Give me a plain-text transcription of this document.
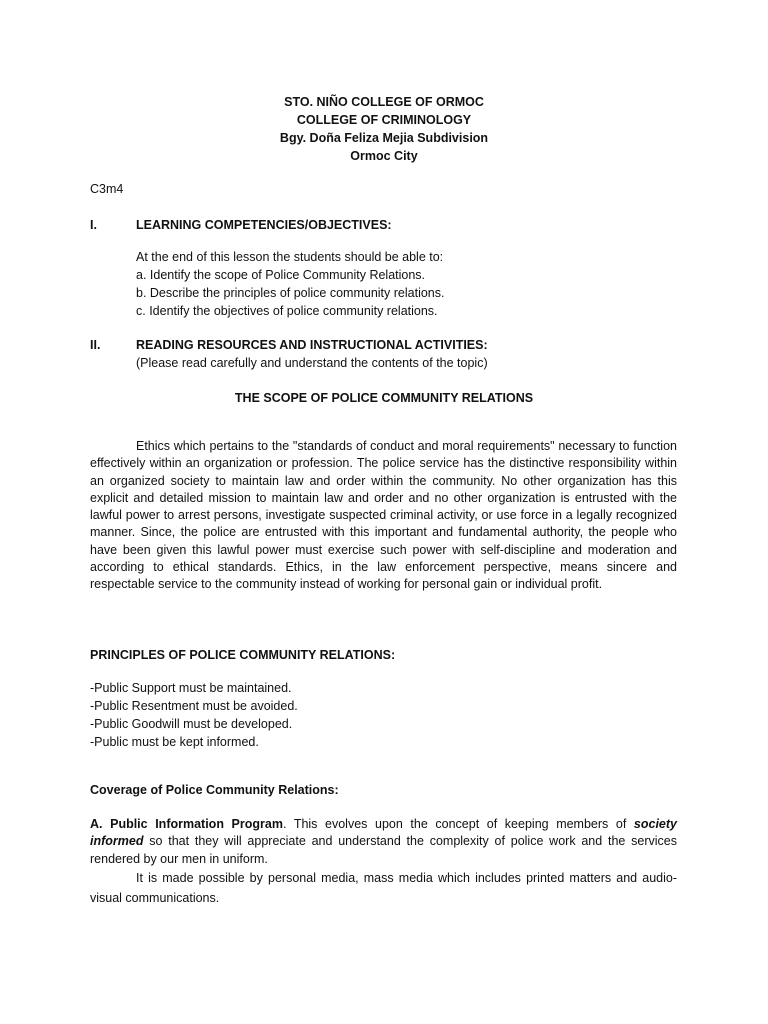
STO. NIÑO COLLEGE OF ORMOC
COLLEGE OF CRIMINOLOGY
Bgy. Doña Feliza Mejia Subdivision
Ormoc City
C3m4
I.	LEARNING COMPETENCIES/OBJECTIVES:
At the end of this lesson the students should be able to:
a. Identify the scope of Police Community Relations.
b. Describe the principles of police community relations.
c. Identify the objectives of police community relations.
II.	READING RESOURCES AND INSTRUCTIONAL ACTIVITIES:
(Please read carefully and understand the contents of the topic)
THE SCOPE OF POLICE COMMUNITY RELATIONS
Ethics which pertains to the "standards of conduct and moral requirements" necessary to function effectively within an organization or profession. The police service has the distinctive responsibility within an organized society to maintain law and order within the community. No other organization has this explicit and detailed mission to maintain law and order and no other organization is entrusted with the lawful power to arrest persons, investigate suspected criminal activity, or use force in a legally recognized manner. Since, the police are entrusted with this important and fundamental authority, the people who have been given this lawful power must exercise such power with self-discipline and moderation and according to ethical standards. Ethics, in the law enforcement perspective, means sincere and respectable service to the community instead of working for personal gain or individual profit.
PRINCIPLES OF POLICE COMMUNITY RELATIONS:
-Public Support must be maintained.
-Public Resentment must be avoided.
-Public Goodwill must be developed.
-Public must be kept informed.
Coverage of Police Community Relations:
A. Public Information Program. This evolves upon the concept of keeping members of society informed so that they will appreciate and understand the complexity of police work and the services rendered by our men in uniform.
It is made possible by personal media, mass media which includes printed matters and audio-visual communications.
